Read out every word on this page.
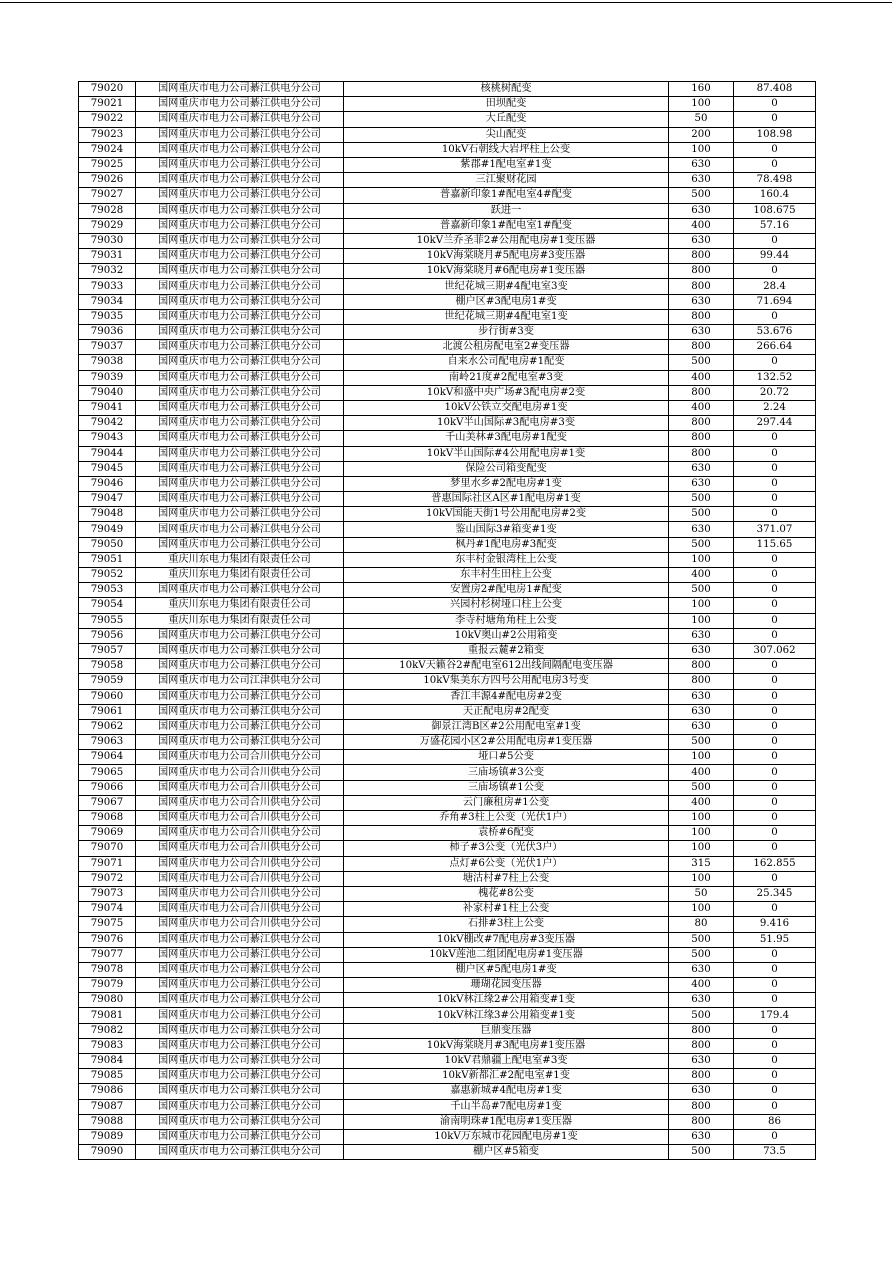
79020	国网重庆市电力公司綦江供电分公司	核桃树配变	160	87.408
79021	国网重庆市电力公司綦江供电分公司	田坝配变	100	0
79022	国网重庆市电力公司綦江供电分公司	大丘配变	50	0
79023	国网重庆市电力公司綦江供电分公司	尖山配变	200	108.98
79024	国网重庆市电力公司綦江供电分公司	10kV石朝线大岩坪柱上公变	100	0
79025	国网重庆市电力公司綦江供电分公司	紫郡#1配电室#1变	630	0
79026	国网重庆市电力公司綦江供电分公司	三江聚财花园	630	78.498
79027	国网重庆市电力公司綦江供电分公司	普嘉新印象1#配电室4#配变	500	160.4
79028	国网重庆市电力公司綦江供电分公司	跃进一	630	108.675
79029	国网重庆市电力公司綦江供电分公司	普嘉新印象1#配电室1#配变	400	57.16
79030	国网重庆市电力公司綦江供电分公司	10kV兰乔圣菲2#公用配电房#1变压器	630	0
79031	国网重庆市电力公司綦江供电分公司	10kV海棠晓月#5配电房#3变压器	800	99.44
79032	国网重庆市电力公司綦江供电分公司	10kV海棠晓月#6配电房#1变压器	800	0
79033	国网重庆市电力公司綦江供电分公司	世纪花城三期#4配电室3变	800	28.4
79034	国网重庆市电力公司綦江供电分公司	棚户区#3配电房1#变	630	71.694
79035	国网重庆市电力公司綦江供电分公司	世纪花城三期#4配电室1变	800	0
79036	国网重庆市电力公司綦江供电分公司	步行街#3变	630	53.676
79037	国网重庆市电力公司綦江供电分公司	北渡公租房配电室2#变压器	800	266.64
79038	国网重庆市电力公司綦江供电分公司	自来水公司配电房#1配变	500	0
79039	国网重庆市电力公司綦江供电分公司	南岭21度#2配电室#3变	400	132.52
79040	国网重庆市电力公司綦江供电分公司	10kV和盛中央广场#3配电房#2变	800	20.72
79041	国网重庆市电力公司綦江供电分公司	10kV公铁立交配电房#1变	400	2.24
79042	国网重庆市电力公司綦江供电分公司	10kV半山国际#3配电房#3变	800	297.44
79043	国网重庆市电力公司綦江供电分公司	千山美林#3配电房#1配变	800	0
79044	国网重庆市电力公司綦江供电分公司	10kV半山国际#4公用配电房#1变	800	0
79045	国网重庆市电力公司綦江供电分公司	保险公司箱变配变	630	0
79046	国网重庆市电力公司綦江供电分公司	梦里水乡#2配电房#1变	630	0
79047	国网重庆市电力公司綦江供电分公司	普惠国际社区A区#1配电房#1变	500	0
79048	国网重庆市电力公司綦江供电分公司	10kV国能天街1号公用配电房#2变	500	0
79049	国网重庆市电力公司綦江供电分公司	鉴山国际3#箱变#1变	630	371.07
79050	国网重庆市电力公司綦江供电分公司	枫丹#1配电房#3配变	500	115.65
79051	重庆川东电力集团有限责任公司	东丰村金银湾柱上公变	100	0
79052	重庆川东电力集团有限责任公司	东丰村生田柱上公变	400	0
79053	国网重庆市电力公司綦江供电分公司	安置房2#配电房1#配变	500	0
79054	重庆川东电力集团有限责任公司	兴园村杉树垭口柱上公变	100	0
79055	重庆川东电力集团有限责任公司	李寺村塘角角柱上公变	100	0
79056	国网重庆市电力公司綦江供电分公司	10kV奥山#2公用箱变	630	0
79057	国网重庆市电力公司綦江供电分公司	重报云麓#2箱变	630	307.062
79058	国网重庆市电力公司綦江供电分公司	10kV天籁谷2#配电室612出线间隔配电变压器	800	0
79059	国网重庆市电力公司江津供电分公司	10kV集美东方四号公用配电房3号变	800	0
79060	国网重庆市电力公司綦江供电分公司	香江丰源4#配电房#2变	630	0
79061	国网重庆市电力公司綦江供电分公司	天正配电房#2配变	630	0
79062	国网重庆市电力公司綦江供电分公司	御景江湾B区#2公用配电室#1变	630	0
79063	国网重庆市电力公司綦江供电分公司	万盛花园小区2#公用配电房#1变压器	500	0
79064	国网重庆市电力公司合川供电分公司	垭口#5公变	100	0
79065	国网重庆市电力公司合川供电分公司	三庙场镇#3公变	400	0
79066	国网重庆市电力公司合川供电分公司	三庙场镇#1公变	500	0
79067	国网重庆市电力公司合川供电分公司	云门廉租房#1公变	400	0
79068	国网重庆市电力公司合川供电分公司	乔角#3柱上公变（光伏1户）	100	0
79069	国网重庆市电力公司合川供电分公司	袁桥#6配变	100	0
79070	国网重庆市电力公司合川供电分公司	柿子#3公变（光伏3户）	100	0
79071	国网重庆市电力公司合川供电分公司	点灯#6公变（光伏1户）	315	162.855
79072	国网重庆市电力公司合川供电分公司	塘沽村#7柱上公变	100	0
79073	国网重庆市电力公司合川供电分公司	槐花#8公变	50	25.345
79074	国网重庆市电力公司合川供电分公司	补家村#1柱上公变	100	0
79075	国网重庆市电力公司合川供电分公司	石排#3柱上公变	80	9.416
79076	国网重庆市电力公司綦江供电分公司	10kV棚改#7配电房#3变压器	500	51.95
79077	国网重庆市电力公司綦江供电分公司	10kV莲池二组团配电房#1变压器	500	0
79078	国网重庆市电力公司綦江供电分公司	棚户区#5配电房1#变	630	0
79079	国网重庆市电力公司綦江供电分公司	珊瑚花园变压器	400	0
79080	国网重庆市电力公司綦江供电分公司	10kV林江缘2#公用箱变#1变	630	0
79081	国网重庆市电力公司綦江供电分公司	10kV林江缘3#公用箱变#1变	500	179.4
79082	国网重庆市电力公司綦江供电分公司	巨鼎变压器	800	0
79083	国网重庆市电力公司綦江供电分公司	10kV海棠晓月#3配电房#1变压器	800	0
79084	国网重庆市电力公司綦江供电分公司	10kV君鼎疆上配电室#3变	630	0
79085	国网重庆市电力公司綦江供电分公司	10kV新都汇#2配电室#1变	800	0
79086	国网重庆市电力公司綦江供电分公司	嘉惠新城#4配电房#1变	630	0
79087	国网重庆市电力公司綦江供电分公司	千山半岛#7配电房#1变	800	0
79088	国网重庆市电力公司綦江供电分公司	渝南明珠#1配电房#1变压器	800	86
79089	国网重庆市电力公司綦江供电分公司	10kV万东城市花园配电房#1变	630	0
79090	国网重庆市电力公司綦江供电分公司	棚户区#5箱变	500	73.5
